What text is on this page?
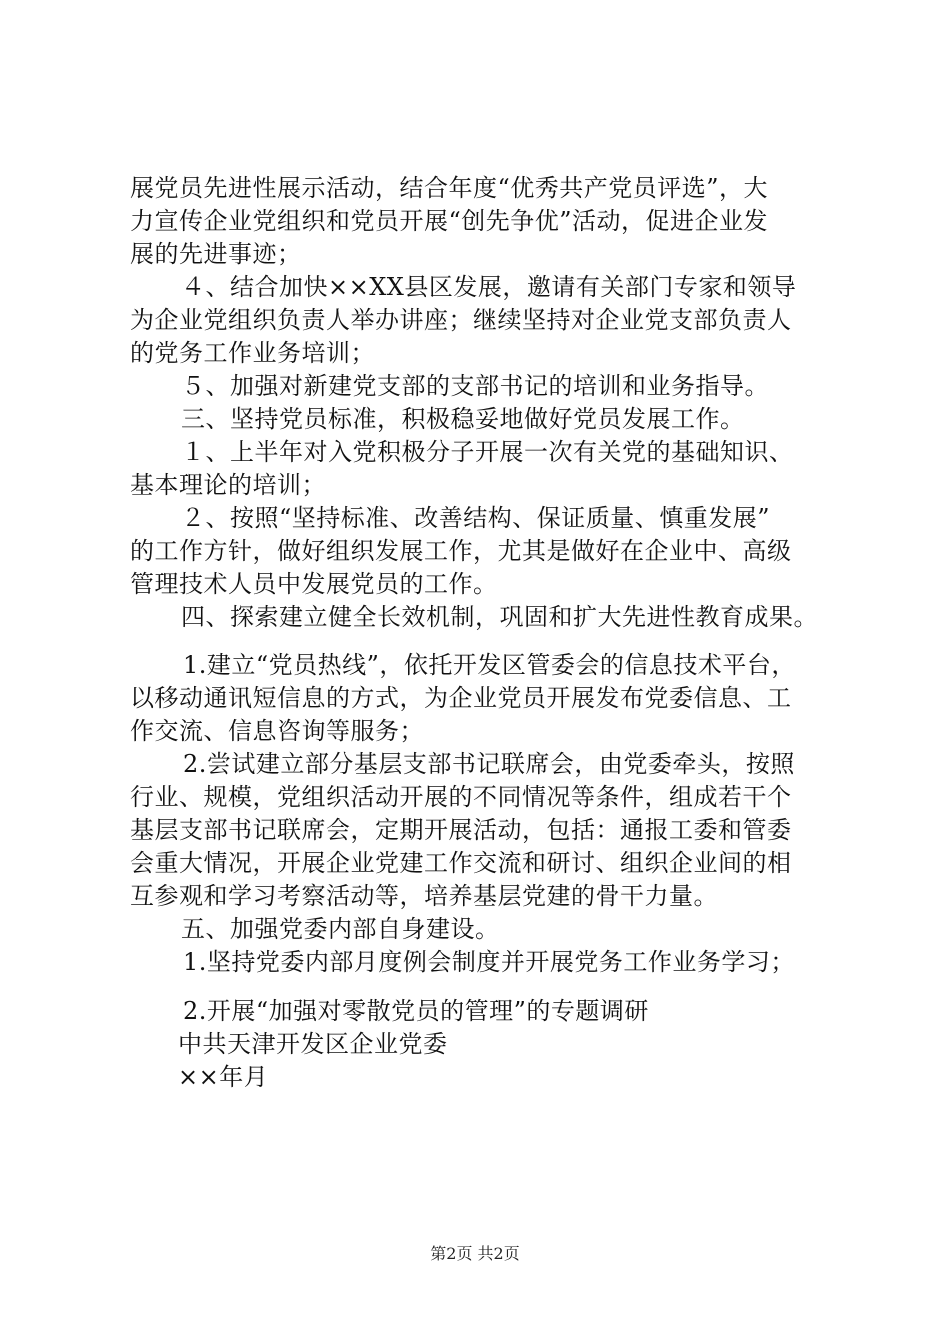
展党员先进性展示活动，结合年度“优秀共产党员评选”，大
力宣传企业党组织和党员开展“创先争优”活动，促进企业发
展的先进事迹；
４、结合加快××XX县区发展，邀请有关部门专家和领导
为企业党组织负责人举办讲座；继续坚持对企业党支部负责人
的党务工作业务培训；
５、加强对新建党支部的支部书记的培训和业务指导。
三、坚持党员标准，积极稳妥地做好党员发展工作。
１、上半年对入党积极分子开展一次有关党的基础知识、
基本理论的培训；
２、按照“坚持标准、改善结构、保证质量、慎重发展”
的工作方针，做好组织发展工作，尤其是做好在企业中、高级
管理技术人员中发展党员的工作。
四、探索建立健全长效机制，巩固和扩大先进性教育成果。
1.建立“党员热线”，依托开发区管委会的信息技术平台，
以移动通讯短信息的方式，为企业党员开展发布党委信息、工
作交流、信息咨询等服务；
2.尝试建立部分基层支部书记联席会，由党委牵头，按照
行业、规模，党组织活动开展的不同情况等条件，组成若干个
基层支部书记联席会，定期开展活动，包括：通报工委和管委
会重大情况，开展企业党建工作交流和研讨、组织企业间的相
互参观和学习考察活动等，培养基层党建的骨干力量。
五、加强党委内部自身建设。
1.坚持党委内部月度例会制度并开展党务工作业务学习；
2.开展“加强对零散党员的管理”的专题调研
中共天津开发区企业党委
××年月
第2页 共2页
